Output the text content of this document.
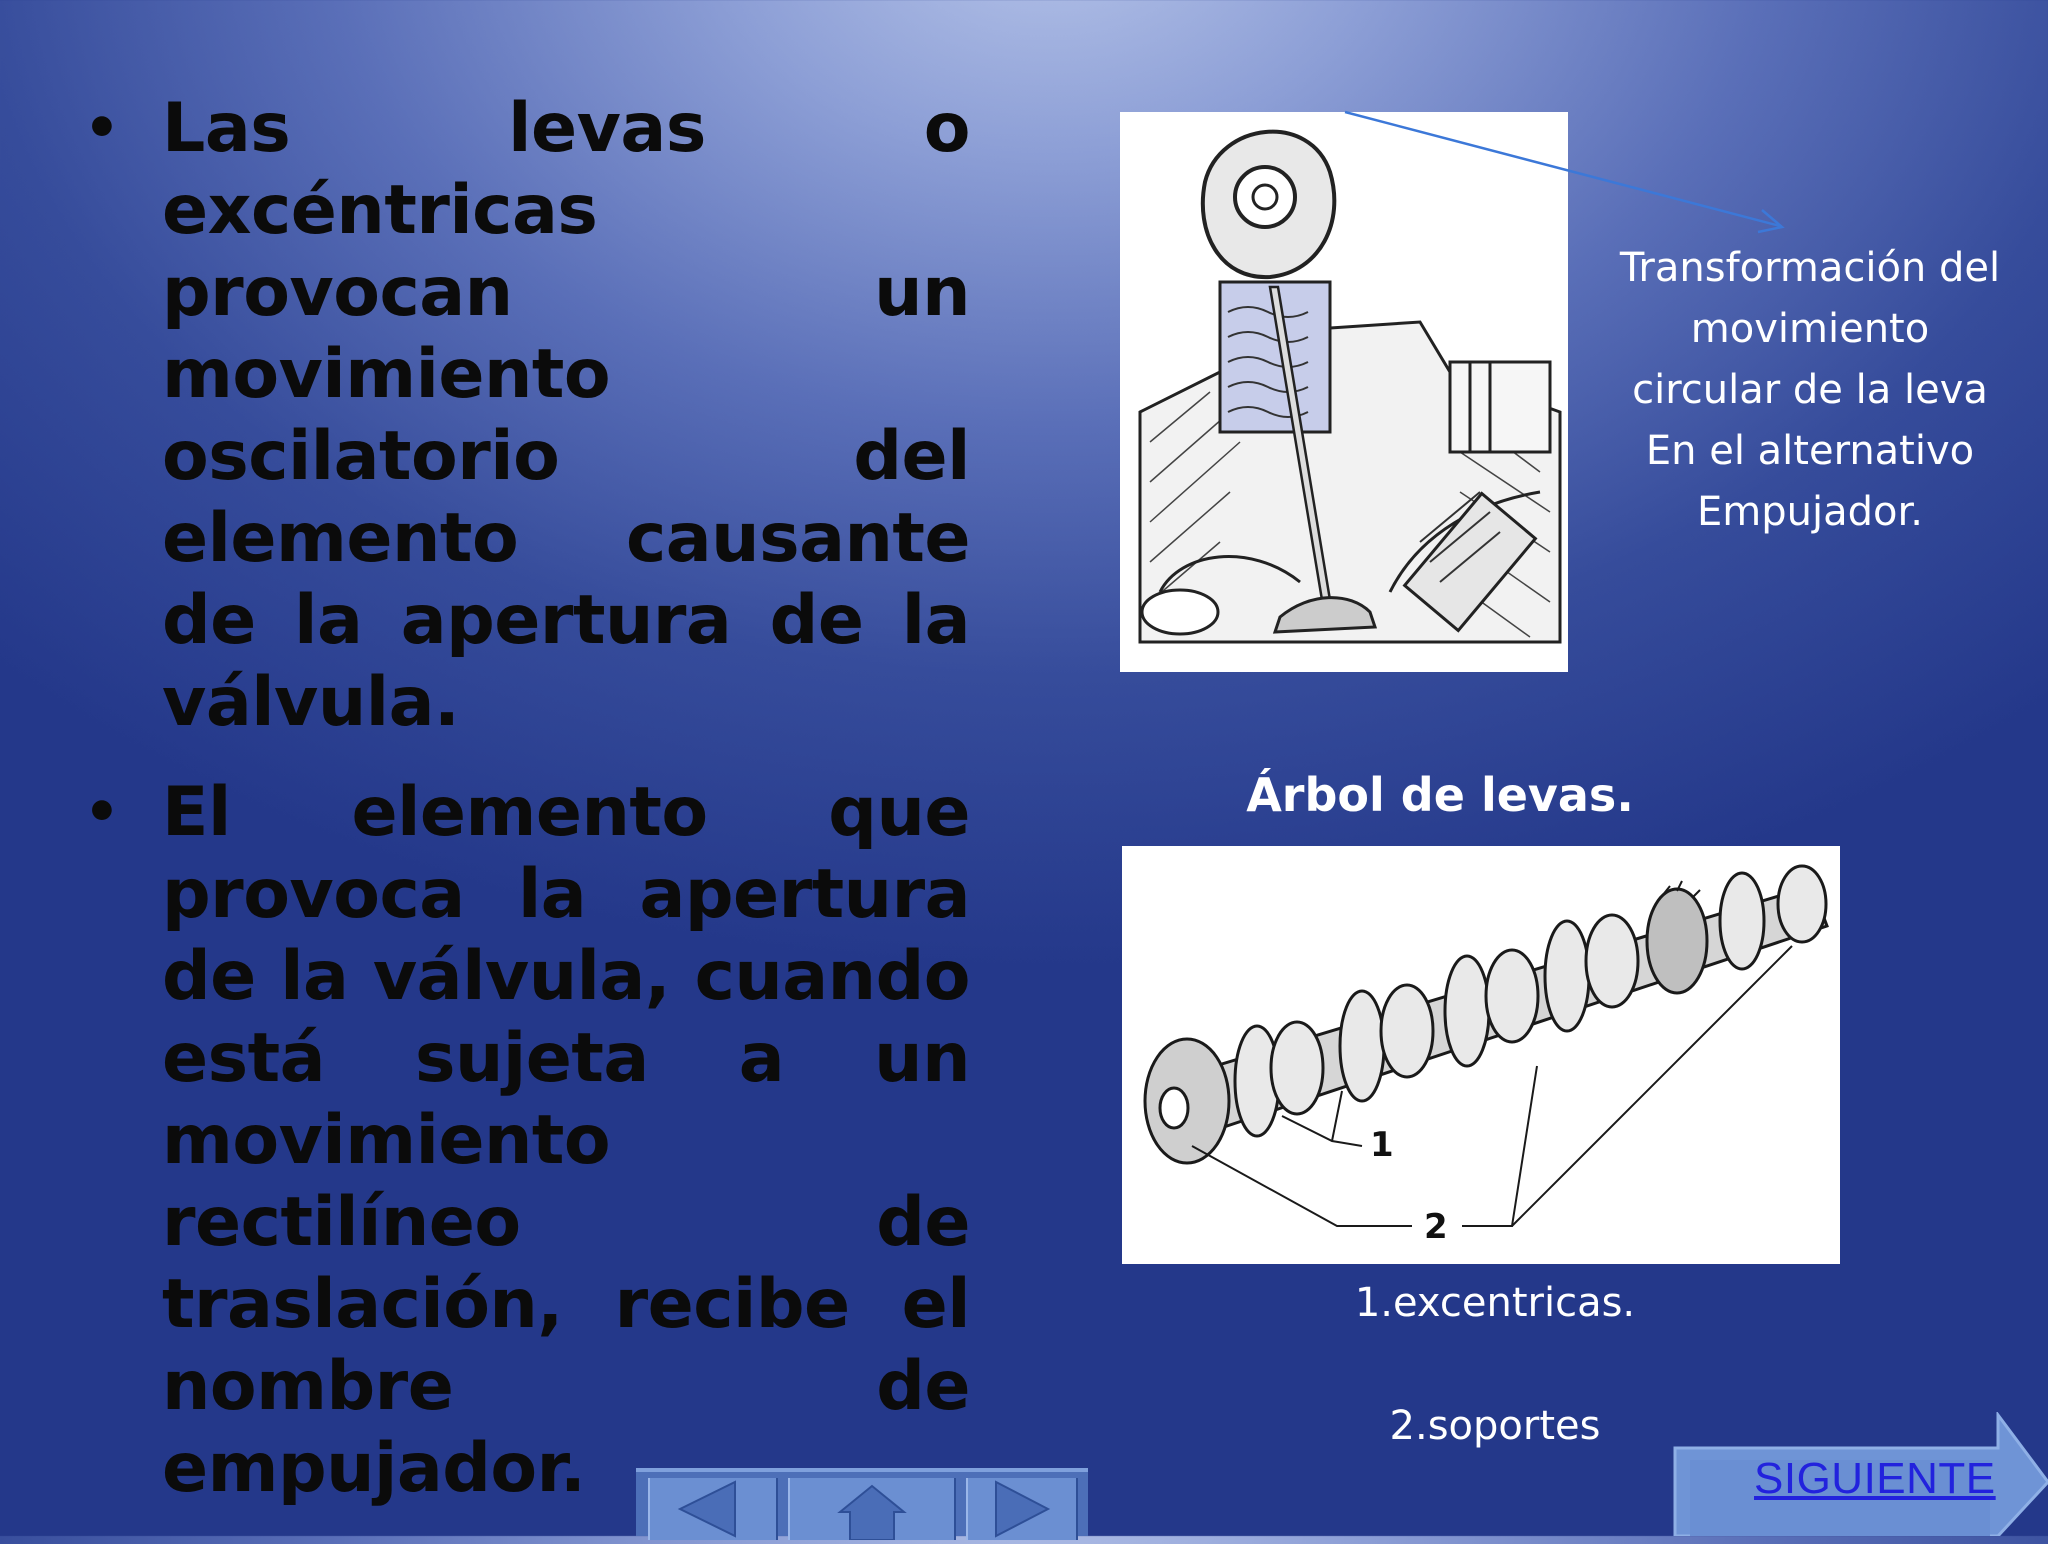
• Las levas o excéntricas provocan un movimiento oscilatorio del elemento causante de la apertura de la válvula.
• El elemento que provoca la apertura de la válvula, cuando está sujeta a un movimiento rectilíneo de traslación, recibe el nombre de empujador.
Transformación del
movimiento
circular de la leva
En el alternativo
Empujador.
Árbol de levas.
1
2
1.excentricas.
2.soportes
SIGUIENTE
